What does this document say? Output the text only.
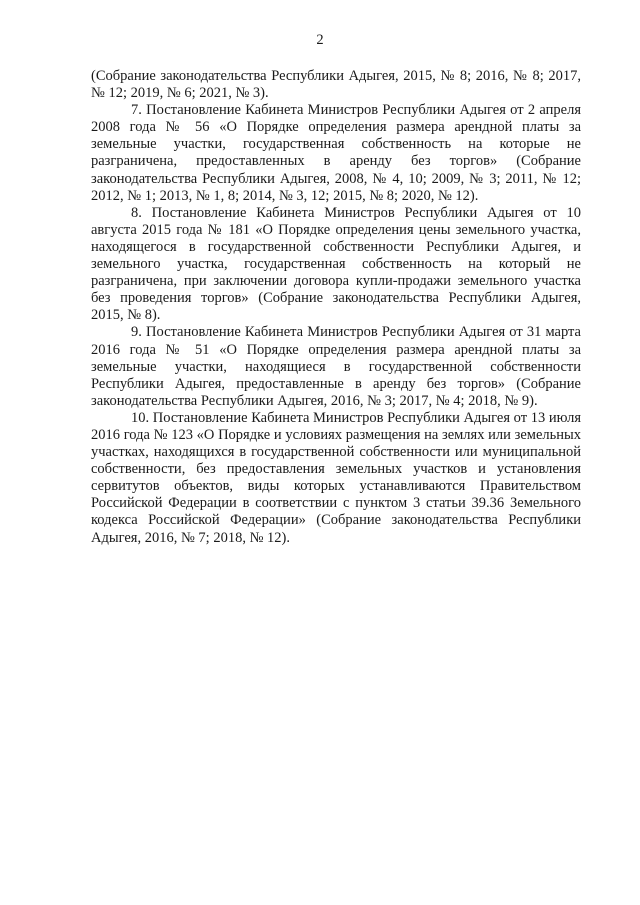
2

(Собрание законодательства Республики Адыгея, 2015, № 8; 2016, № 8; 2017, № 12; 2019, № 6; 2021, № 3).

7. Постановление Кабинета Министров Республики Адыгея от 2 апреля 2008 года № 56 «О Порядке определения размера арендной платы за земельные участки, государственная собственность на которые не разграничена, предоставленных в аренду без торгов» (Собрание законодательства Республики Адыгея, 2008, № 4, 10; 2009, № 3; 2011, № 12; 2012, № 1; 2013, № 1, 8; 2014, № 3, 12; 2015, № 8; 2020, № 12).

8. Постановление Кабинета Министров Республики Адыгея от 10 августа 2015 года № 181 «О Порядке определения цены земельного участка, находящегося в государственной собственности Республики Адыгея, и земельного участка, государственная собственность на который не разграничена, при заключении договора купли-продажи земельного участка без проведения торгов» (Собрание законодательства Республики Адыгея, 2015, № 8).

9. Постановление Кабинета Министров Республики Адыгея от 31 марта 2016 года № 51 «О Порядке определения размера арендной платы за земельные участки, находящиеся в государственной собственности Республики Адыгея, предоставленные в аренду без торгов» (Собрание законодательства Республики Адыгея, 2016, № 3; 2017, № 4; 2018, № 9).

10. Постановление Кабинета Министров Республики Адыгея от 13 июля 2016 года № 123 «О Порядке и условиях размещения на землях или земельных участках, находящихся в государственной собственности или муниципальной собственности, без предоставления земельных участков и установления сервитутов объектов, виды которых устанавливаются Правительством Российской Федерации в соответствии с пунктом 3 статьи 39.36 Земельного кодекса Российской Федерации» (Собрание законодательства Республики Адыгея, 2016, № 7; 2018, № 12).
